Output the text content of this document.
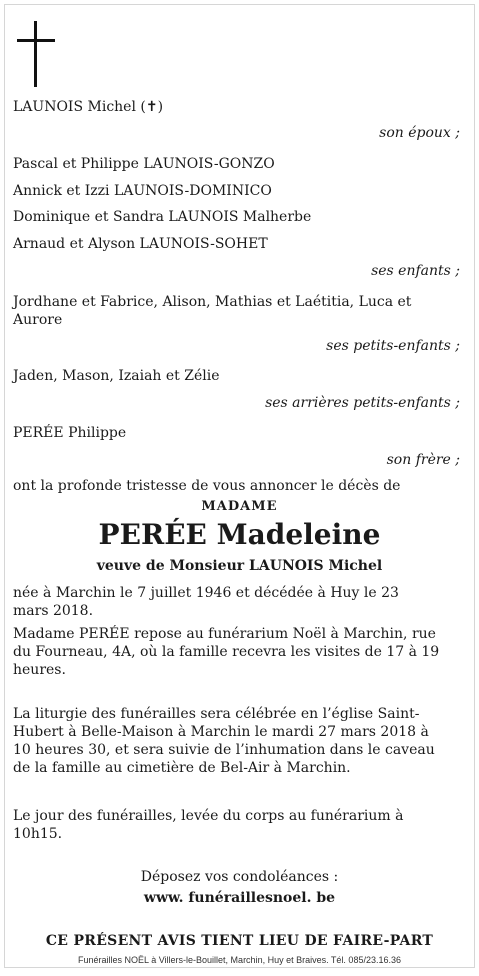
LAUNOIS Michel (✝)
son époux ;
Pascal et Philippe LAUNOIS-GONZO
Annick et Izzi LAUNOIS-DOMINICO
Dominique et Sandra LAUNOIS Malherbe
Arnaud et Alyson LAUNOIS-SOHET
ses enfants ;
Jordhane et Fabrice, Alison, Mathias et Laétitia, Luca et Aurore
ses petits-enfants ;
Jaden, Mason, Izaiah et Zélie
ses arrières petits-enfants ;
PERÉE Philippe
son frère ;
ont la profonde tristesse de vous annoncer le décès de
MADAME
PERÉE Madeleine
veuve de Monsieur LAUNOIS Michel
née à Marchin le 7 juillet 1946 et décédée à Huy le 23 mars 2018.
Madame PERÉE repose au funérarium Noël à Marchin, rue du Fourneau, 4A, où la famille recevra les visites de 17 à 19 heures.
La liturgie des funérailles sera célébrée en l’église Saint-Hubert à Belle-Maison à Marchin le mardi 27 mars 2018 à 10 heures 30, et sera suivie de l’inhumation dans le caveau de la famille au cimetière de Bel-Air à Marchin.
Le jour des funérailles, levée du corps au funérarium à 10h15.
Déposez vos condoléances :
www. funéraillesnoel. be
CE PRÉSENT AVIS TIENT LIEU DE FAIRE-PART
Funérailles NOËL à Villers-le-Bouillet, Marchin, Huy et Braives. Tél. 085/23.16.36
